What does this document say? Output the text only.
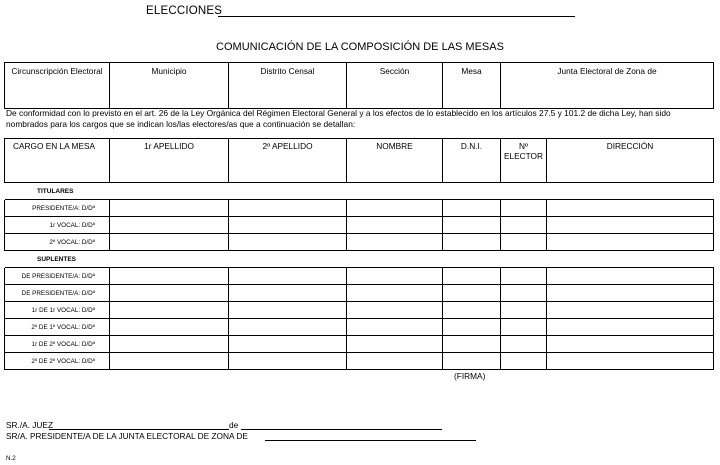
ELECCIONES
COMUNICACIÓN DE LA COMPOSICIÓN DE LAS MESAS
Circunscripción Electoral	Municipio	Distrito Censal	Sección	Mesa	Junta Electoral de Zona de
De conformidad con lo previsto en el art. 26 de la Ley Orgánica del Régimen Electoral General y a los efectos de lo establecido en los artículos 27.5 y 101.2 de dicha Ley, han sido nombrados para los cargos que se indican los/las electores/as que a continuación se detallan:
CARGO EN LA MESA	1r APELLIDO	2º APELLIDO	NOMBRE	D.N.I.	Nº ELECTOR	DIRECCIÓN
TITULARES						
PRESIDENTE/A: D/Dª						
1r VOCAL: D/Dª						
2º VOCAL: D/Dª						
SUPLENTES						
DE PRESIDENTE/A: D/Dª						
DE PRESIDENTE/A: D/Dª						
1r DE 1r VOCAL: D/Dª						
2º DE 1º VOCAL: D/Dª						
1r DE 2º VOCAL: D/Dª						
2º DE 2º VOCAL: D/Dª						
(FIRMA)
SR./A. JUEZ	de
SR/A. PRESIDENTE/A DE LA JUNTA ELECTORAL DE ZONA DE
N.2
